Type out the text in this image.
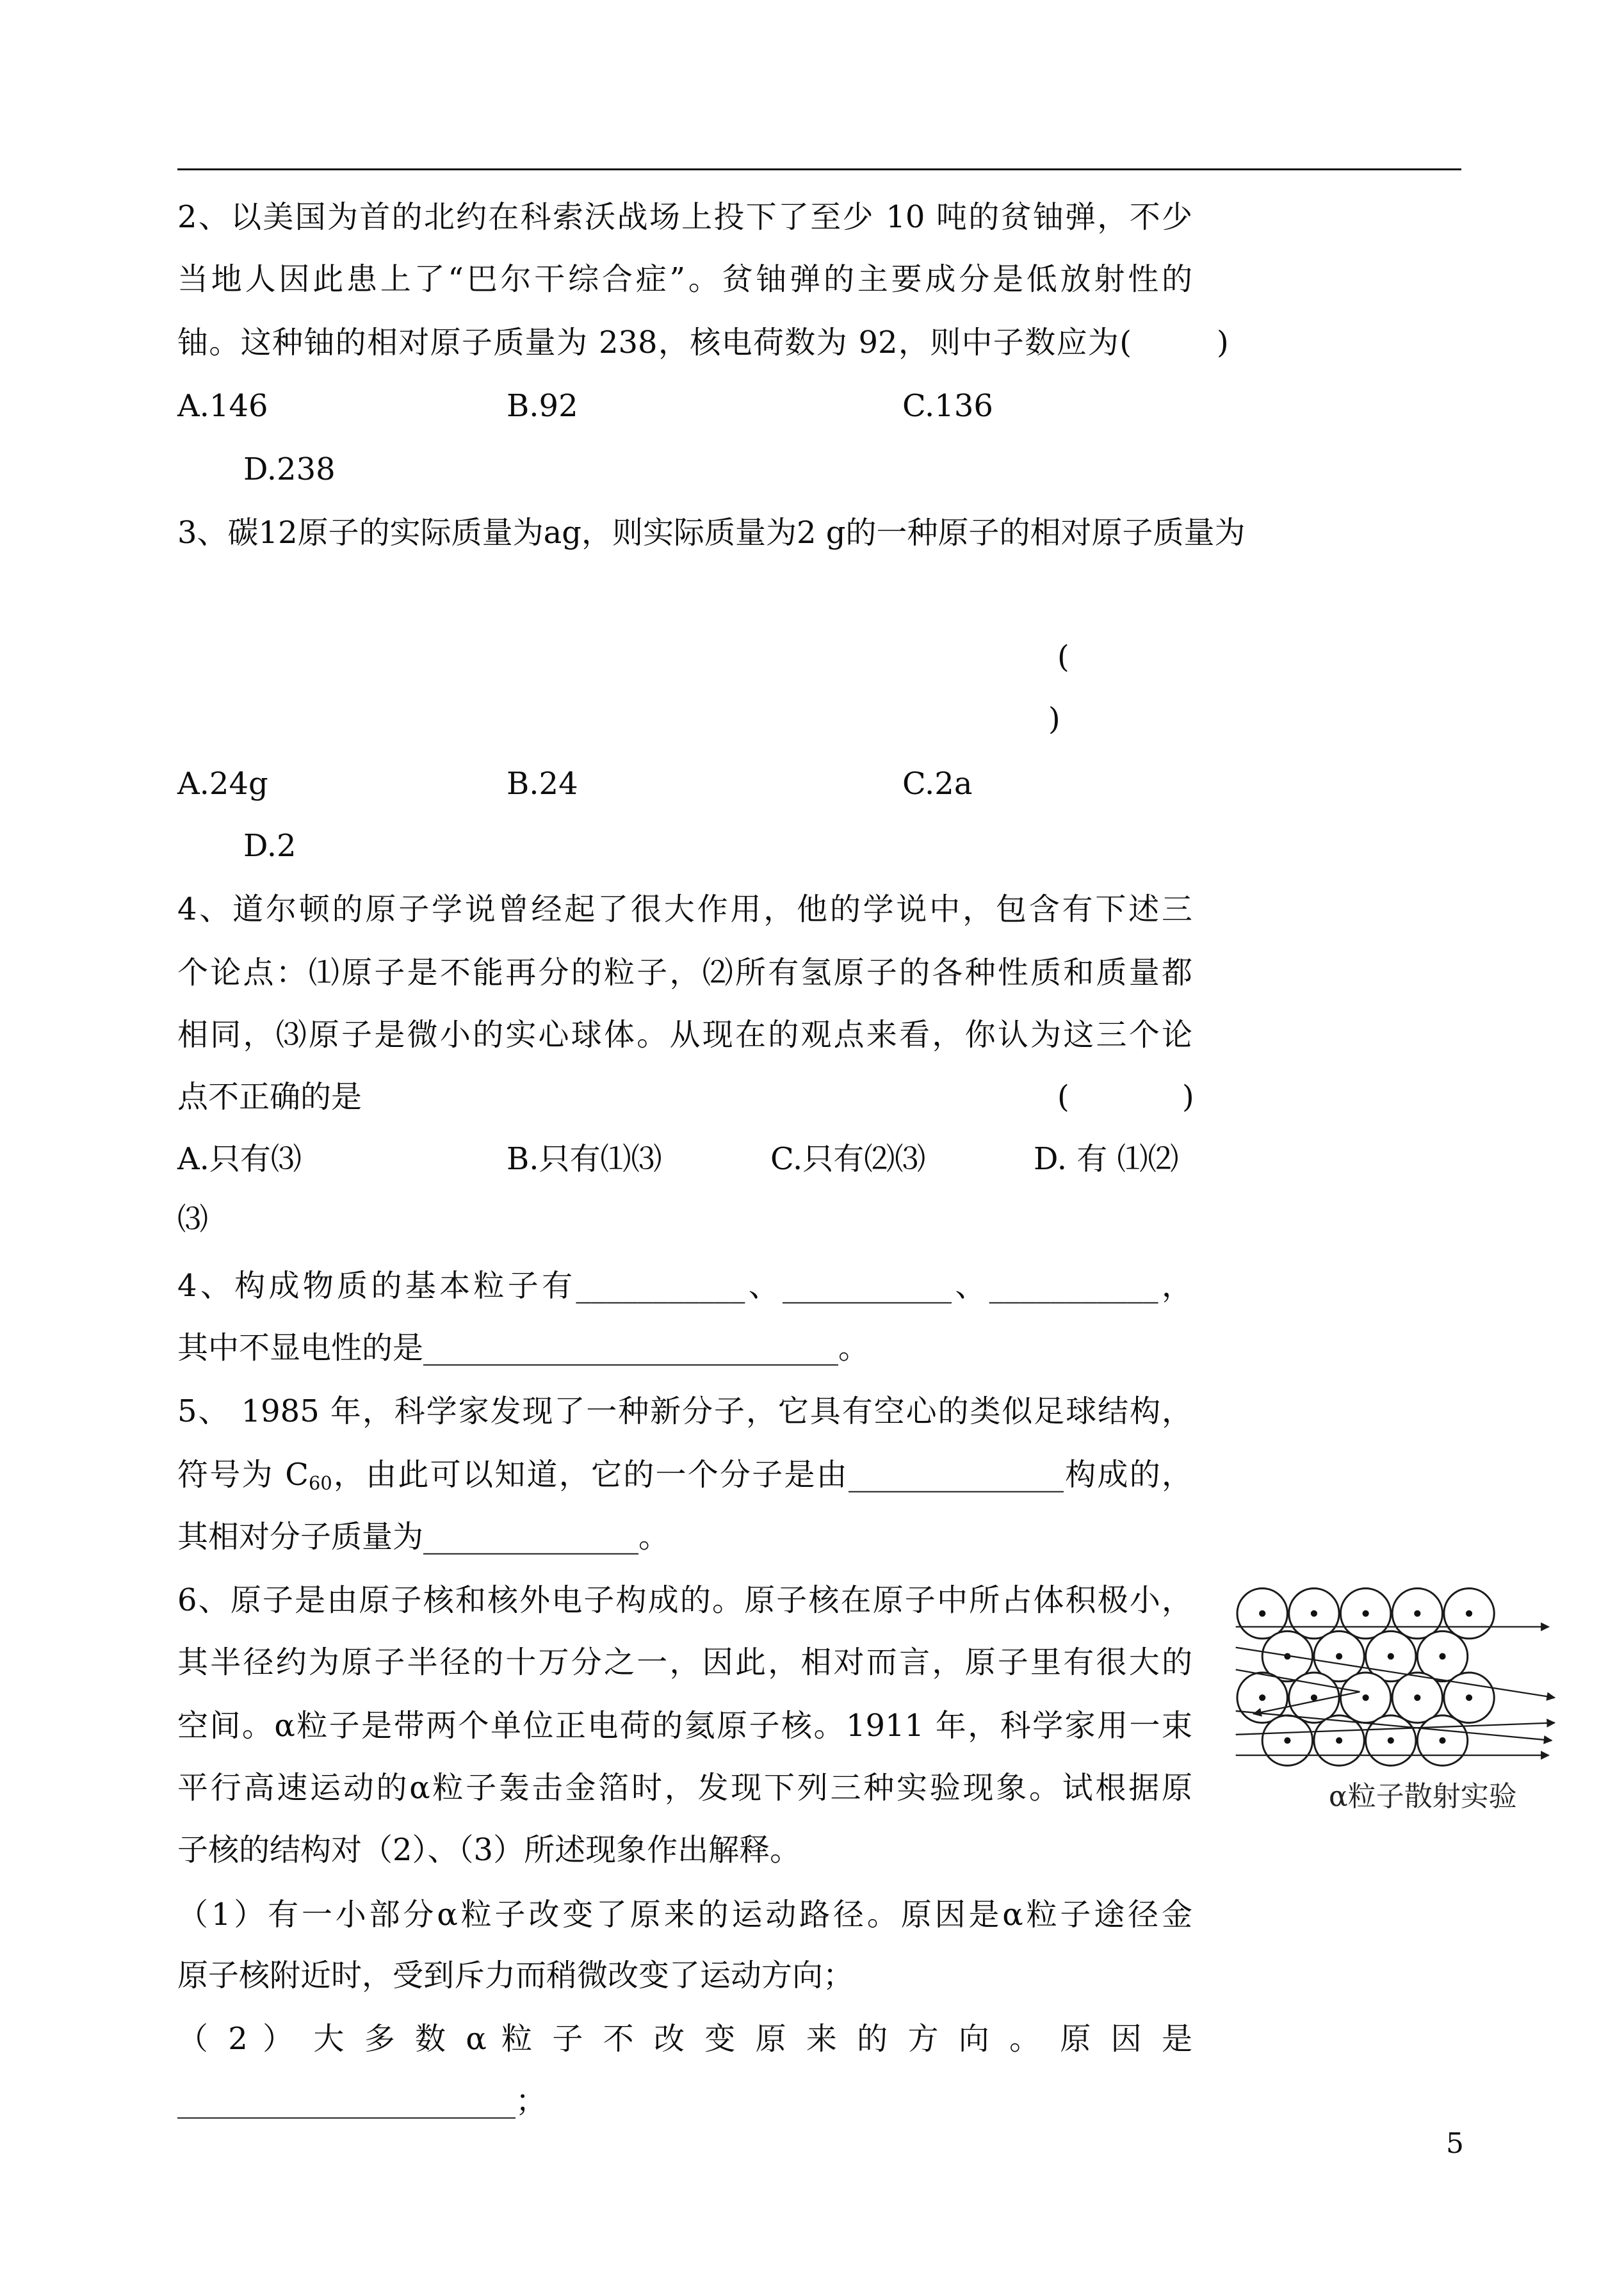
2、以美国为首的北约在科索沃战场上投下了至少 10 吨的贫铀弹，不少
当地人因此患上了“巴尔干综合症”。贫铀弹的主要成分是低放射性的
铀。这种铀的相对原子质量为 238，核电荷数为 92，则中子数应为(	)
A.146	B.92	C.136
D.238
3、碳12原子的实际质量为ag，则实际质量为2 g的一种原子的相对原子质量为
(
)
A.24g	B.24	C.2a
D.2
4、道尔顿的原子学说曾经起了很大作用，他的学说中，包含有下述三
个论点：⑴原子是不能再分的粒子，⑵所有氢原子的各种性质和质量都
相同，⑶原子是微小的实心球体。从现在的观点来看，你认为这三个论
点不正确的是	(	)
A.只有⑶	B.只有⑴⑶	C.只有⑵⑶	D. 有 ⑴⑵
⑶
4、构成物质的基本粒子有___________、___________、___________，
其中不显电性的是___________________________。
5、 1985 年，科学家发现了一种新分子，它具有空心的类似足球结构，
符号为 $C_{60}$，由此可以知道，它的一个分子是由______________构成的，
其相对分子质量为______________。
6、原子是由原子核和核外电子构成的。原子核在原子中所占体积极小，
其半径约为原子半径的十万分之一，因此，相对而言，原子里有很大的
空间。α粒子是带两个单位正电荷的氦原子核。1911 年，科学家用一束
平行高速运动的α粒子轰击金箔时，发现下列三种实验现象。试根据原
子核的结构对（2）、（3）所述现象作出解释。
（1）有一小部分α粒子改变了原来的运动路径。原因是α粒子途径金
原子核附近时，受到斥力而稍微改变了运动方向；
（ 2 ） 大 多 数 α 粒 子 不 改 变 原 来 的 方 向 。 原 因 是
______________________；
α粒子散射实验
5
